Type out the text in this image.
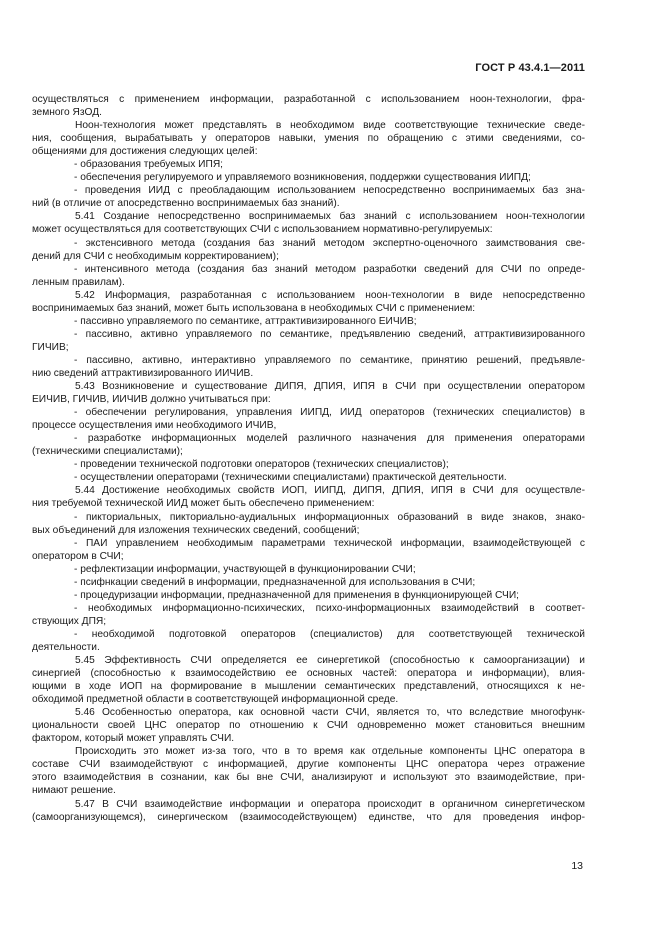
ГОСТ Р 43.4.1—2011
осуществляться с применением информации, разработанной с использованием ноон-технологии, фра-
земного ЯзОД.
Ноон-технология может представлять в необходимом виде соответствующие технические сведе-
ния, сообщения, вырабатывать у операторов навыки, умения по обращению с этими сведениями, со-
общениями для достижения следующих целей:
- образования требуемых ИПЯ;
- обеспечения регулируемого и управляемого возникновения, поддержки существования ИИПД;
- проведения ИИД с преобладающим использованием непосредственно воспринимаемых баз зна-
ний (в отличие от апосредственно воспринимаемых баз знаний).
5.41 Создание непосредственно воспринимаемых баз знаний с использованием ноон-технологии
может осуществляться для соответствующих СЧИ с использованием нормативно-регулируемых:
- экстенсивного метода (создания баз знаний методом экспертно-оценочного заимствования све-
дений для СЧИ с необходимым корректированием);
- интенсивного метода (создания баз знаний методом разработки сведений для СЧИ по опреде-
ленным правилам).
5.42 Информация, разработанная с использованием ноон-технологии в виде непосредственно
воспринимаемых баз знаний, может быть использована в необходимых СЧИ с применением:
- пассивно управляемого по семантике, аттрактивизированного ЕИЧИВ;
- пассивно, активно управляемого по семантике, предъявлению сведений, аттрактивизированного
ГИЧИВ;
- пассивно, активно, интерактивно управляемого по семантике, принятию решений, предъявле-
нию сведений аттрактивизированного ИИЧИВ.
5.43 Возникновение и существование ДИПЯ, ДПИЯ, ИПЯ в СЧИ при осуществлении оператором
ЕИЧИВ, ГИЧИВ, ИИЧИВ должно учитываться при:
- обеспечении регулирования, управления ИИПД, ИИД операторов (технических специалистов) в
процессе осуществления ими необходимого ИЧИВ,
- разработке информационных моделей различного назначения для применения операторами
(техническими специалистами);
- проведении технической подготовки операторов (технических специалистов);
- осуществлении операторами (техническими специалистами) практической деятельности.
5.44 Достижение необходимых свойств ИОП, ИИПД, ДИПЯ, ДПИЯ, ИПЯ в СЧИ для осуществле-
ния требуемой технической ИИД может быть обеспечено применением:
- пиктoриальных, пиктoриально-аудиальных информационных образований в виде знаков, знако-
вых объединений для изложения технических сведений, сообщений;
- ПАИ управлением необходимым параметрами технической информации, взаимодействующей с
оператором в СЧИ;
- рефлектизации информации, участвующей в функционировании СЧИ;
- псифнкации сведений в информации, предназначенной для использования в СЧИ;
- процедуризации информации, предназначенной для применения в функционирующей СЧИ;
- необходимых информационно-психических, психо-информационных взаимодействий в соответ-
ствующих ДПЯ;
- необходимой подготовкой операторов (специалистов) для соответствующей технической
деятельности.
5.45 Эффективность СЧИ определяется ее синергетикой (способностью к самоорганизации) и
синергией (способностью к взаимосодействию ее основных частей: оператора и информации), влия-
ющими в ходе ИОП на формирование в мышлении семантических представлений, относящихся к не-
обходимой предметной области в соответствующей информационной среде.
5.46 Особенностью оператора, как основной части СЧИ, является то, что вследствие многофунк-
циональности своей ЦНС оператор по отношению к СЧИ одновременно может становиться внешним
фактором, который может управлять СЧИ.
Происходить это может из-за того, что в то время как отдельные компоненты ЦНС оператора в
составе СЧИ взаимодействуют с информацией, другие компоненты ЦНС оператора через отражение
этого взаимодействия в сознании, как бы вне СЧИ, анализируют и используют это взаимодействие, при-
нимают решение.
5.47 В СЧИ взаимодействие информации и оператора происходит в органичном синергетическом
(самоорганизующемся), синергическом (взаимосодействующем) единстве, что для проведения инфор-
13
